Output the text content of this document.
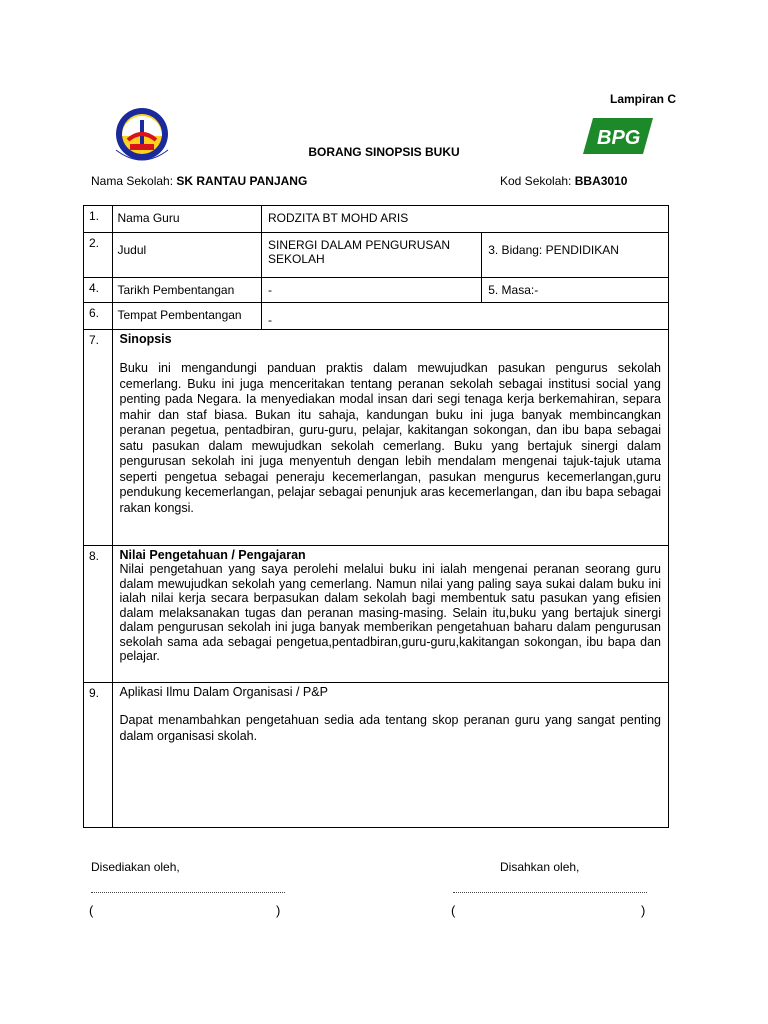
Lampiran C
BPG
BORANG SINOPSIS BUKU
Nama Sekolah: SK RANTAU PANJANG	Kod Sekolah: BBA3010
1.	Nama Guru	RODZITA BT MOHD ARIS	
2.	Judul	SINERGI DALAM PENGURUSAN SEKOLAH	3. Bidang: PENDIDIKAN
4.	Tarikh Pembentangan	-	5. Masa:-
6.	Tempat Pembentangan	-	
7.	Sinopsis
Buku ini mengandungi panduan praktis dalam mewujudkan pasukan pengurus sekolah cemerlang. Buku ini juga menceritakan tentang peranan sekolah sebagai institusi social yang penting pada Negara. Ia menyediakan modal insan dari segi tenaga kerja berkemahiran, separa mahir dan staf biasa. Bukan itu sahaja, kandungan buku ini juga banyak membincangkan peranan pegetua, pentadbiran, guru-guru, pelajar, kakitangan sokongan, dan ibu bapa sebagai satu pasukan dalam mewujudkan sekolah cemerlang. Buku yang bertajuk sinergi dalam pengurusan sekolah ini juga menyentuh dengan lebih mendalam mengenai tajuk-tajuk utama seperti pengetua sebagai peneraju kecemerlangan, pasukan mengurus kecemerlangan,guru pendukung kecemerlangan, pelajar sebagai penunjuk aras kecemerlangan, dan ibu bapa sebagai rakan kongsi.		

8.	Nilai Pengetahuan / Pengajaran
Nilai pengetahuan yang saya perolehi melalui buku ini ialah mengenai peranan seorang guru dalam mewujudkan sekolah yang cemerlang. Namun nilai yang paling saya sukai dalam buku ini ialah nilai kerja secara berpasukan dalam sekolah bagi membentuk satu pasukan yang efisien dalam melaksanakan tugas dan peranan masing-masing. Selain itu,buku yang bertajuk sinergi dalam pengurusan sekolah ini juga banyak memberikan pengetahuan baharu dalam pengurusan sekolah sama ada sebagai pengetua,pentadbiran,guru-guru,kakitangan sokongan, ibu bapa dan pelajar.		

9.	Aplikasi Ilmu Dalam Organisasi / P&P
Dapat menambahkan pengetahuan sedia ada tentang skop peranan guru yang sangat penting dalam organisasi skolah.		
Disediakan oleh,	Disahkan oleh,
(	)	(	)
